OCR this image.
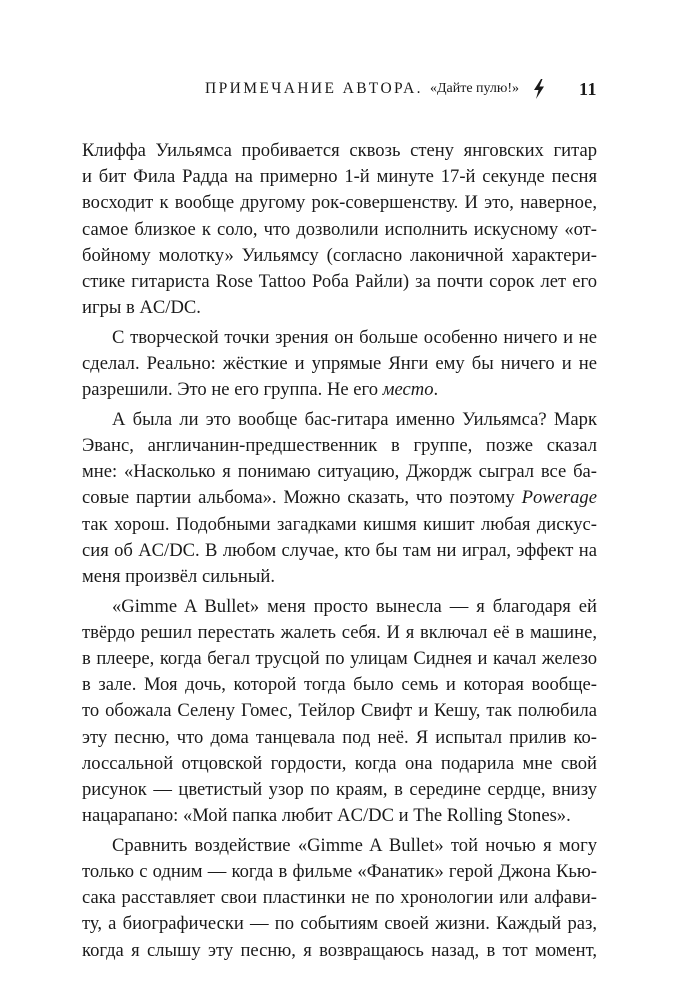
ПРИМЕЧАНИЕ АВТОРА. «Дайте пулю!»	11
Клиффа Уильямса пробивается сквозь стену янговских гитар
и бит Фила Радда на примерно 1-й минуте 17-й секунде песня
восходит к вообще другому рок-совершенству. И это, наверное,
самое близкое к соло, что дозволили исполнить искусному «от-
бойному молотку» Уильямсу (согласно лаконичной характери-
стике гитариста Rose Tattoo Роба Райли) за почти сорок лет его
игры в AC/DC.
С творческой точки зрения он больше особенно ничего и не
сделал. Реально: жёсткие и упрямые Янги ему бы ничего и не
разрешили. Это не его группа. Не его место.
А была ли это вообще бас-гитара именно Уильямса? Марк
Эванс, англичанин-предшественник в группе, позже сказал
мне: «Насколько я понимаю ситуацию, Джордж сыграл все ба-
совые партии альбома». Можно сказать, что поэтому Powerage
так хорош. Подобными загадками кишмя кишит любая дискус-
сия об AC/DC. В любом случае, кто бы там ни играл, эффект на
меня произвёл сильный.
«Gimme A Bullet» меня просто вынесла — я благодаря ей
твёрдо решил перестать жалеть себя. И я включал её в машине,
в плеере, когда бегал трусцой по улицам Сиднея и качал железо
в зале. Моя дочь, которой тогда было семь и которая вообще-
то обожала Селену Гомес, Тейлор Свифт и Кешу, так полюбила
эту песню, что дома танцевала под неё. Я испытал прилив ко-
лоссальной отцовской гордости, когда она подарила мне свой
рисунок — цветистый узор по краям, в середине сердце, внизу
нацарапано: «Мой папка любит AC/DC и The Rolling Stones».
Сравнить воздействие «Gimme A Bullet» той ночью я могу
только с одним — когда в фильме «Фанатик» герой Джона Кью-
сака расставляет свои пластинки не по хронологии или алфави-
ту, а биографически — по событиям своей жизни. Каждый раз,
когда я слышу эту песню, я возвращаюсь назад, в тот момент,
